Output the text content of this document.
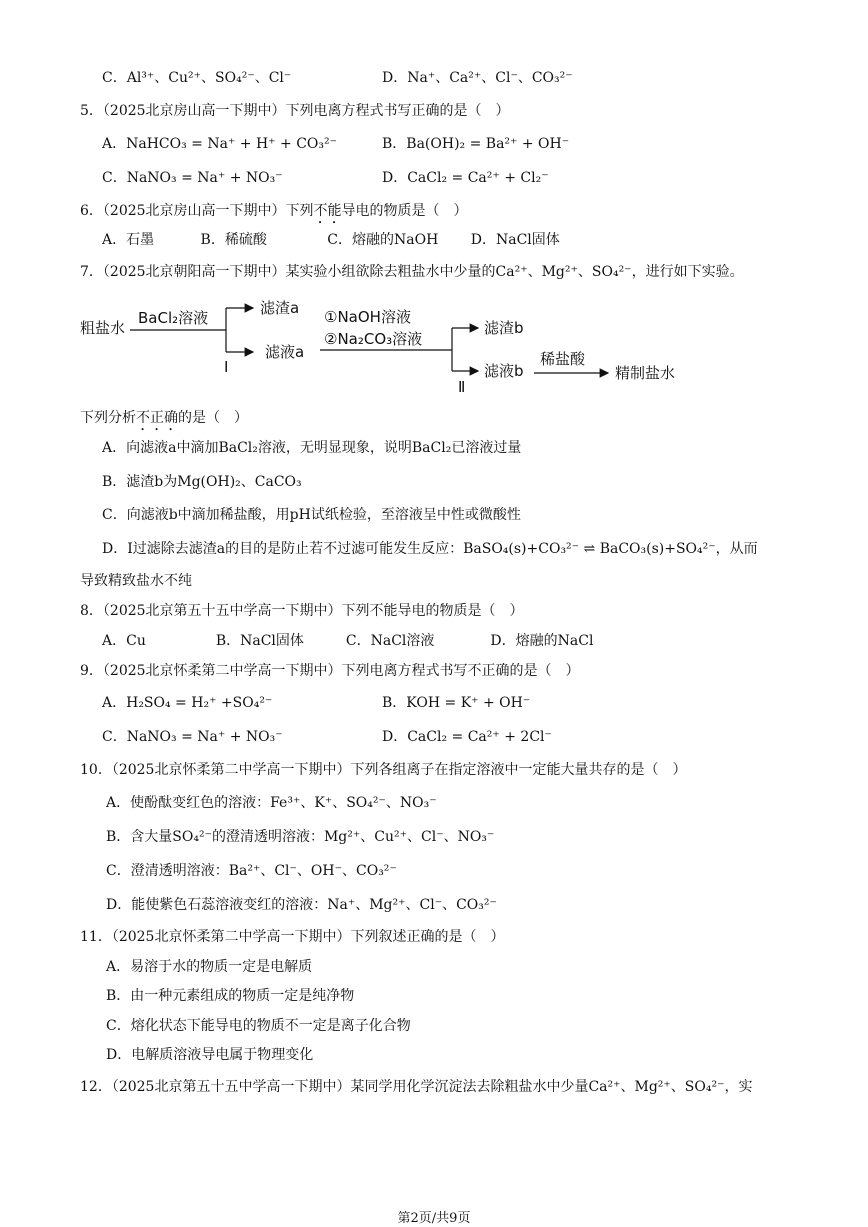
C．Al³⁺、Cu²⁺、SO₄²⁻、Cl⁻	D．Na⁺、Ca²⁺、Cl⁻、CO₃²⁻
5．（2025北京房山高一下期中）下列电离方程式书写正确的是（　）
A．NaHCO₃ = Na⁺ + H⁺ + CO₃²⁻	B．Ba(OH)₂ = Ba²⁺ + OH⁻
C．NaNO₃ = Na⁺ + NO₃⁻	D．CaCl₂ = Ca²⁺ + Cl₂⁻
6．（2025北京房山高一下期中）下列不能导电的物质是（　）
A．石墨　　　 B．稀硫酸　　　　 C．熔融的NaOH　　 D．NaCl固体
7．（2025北京朝阳高一下期中）某实验小组欲除去粗盐水中少量的Ca²⁺、Mg²⁺、SO₄²⁻，进行如下实验。
粗盐水
BaCl₂溶液
滤渣a
滤液a
Ⅰ
①NaOH溶液
②Na₂CO₃溶液
滤渣b
滤液b
Ⅱ
稀盐酸
精制盐水
下列分析不正确的是（　）
A．向滤液a中滴加BaCl₂溶液，无明显现象，说明BaCl₂已溶液过量
B．滤渣b为Mg(OH)₂、CaCO₃
C．向滤液b中滴加稀盐酸，用pH试纸检验，至溶液呈中性或微酸性
D．I过滤除去滤渣a的目的是防止若不过滤可能发生反应：BaSO₄(s)+CO₃²⁻ ⇌ BaCO₃(s)+SO₄²⁻，从而
导致精致盐水不纯
8．（2025北京第五十五中学高一下期中）下列不能导电的物质是（　）
A．Cu　　　　　B．NaCl固体　　　C．NaCl溶液　　　　D．熔融的NaCl
9．（2025北京怀柔第二中学高一下期中）下列电离方程式书写不正确的是（　）
A．H₂SO₄ = H₂⁺ +SO₄²⁻	B．KOH = K⁺ + OH⁻
C．NaNO₃ = Na⁺ + NO₃⁻	D．CaCl₂ = Ca²⁺ + 2Cl⁻
10．（2025北京怀柔第二中学高一下期中）下列各组离子在指定溶液中一定能大量共存的是（　）
A．使酚酞变红色的溶液：Fe³⁺、K⁺、SO₄²⁻、NO₃⁻
B．含大量SO₄²⁻的澄清透明溶液：Mg²⁺、Cu²⁺、Cl⁻、NO₃⁻
C．澄清透明溶液：Ba²⁺、Cl⁻、OH⁻、CO₃²⁻
D．能使紫色石蕊溶液变红的溶液：Na⁺、Mg²⁺、Cl⁻、CO₃²⁻
11．（2025北京怀柔第二中学高一下期中）下列叙述正确的是（　）
A．易溶于水的物质一定是电解质
B．由一种元素组成的物质一定是纯净物
C．熔化状态下能导电的物质不一定是离子化合物
D．电解质溶液导电属于物理变化
12．（2025北京第五十五中学高一下期中）某同学用化学沉淀法去除粗盐水中少量Ca²⁺、Mg²⁺、SO₄²⁻，实
第2页/共9页
